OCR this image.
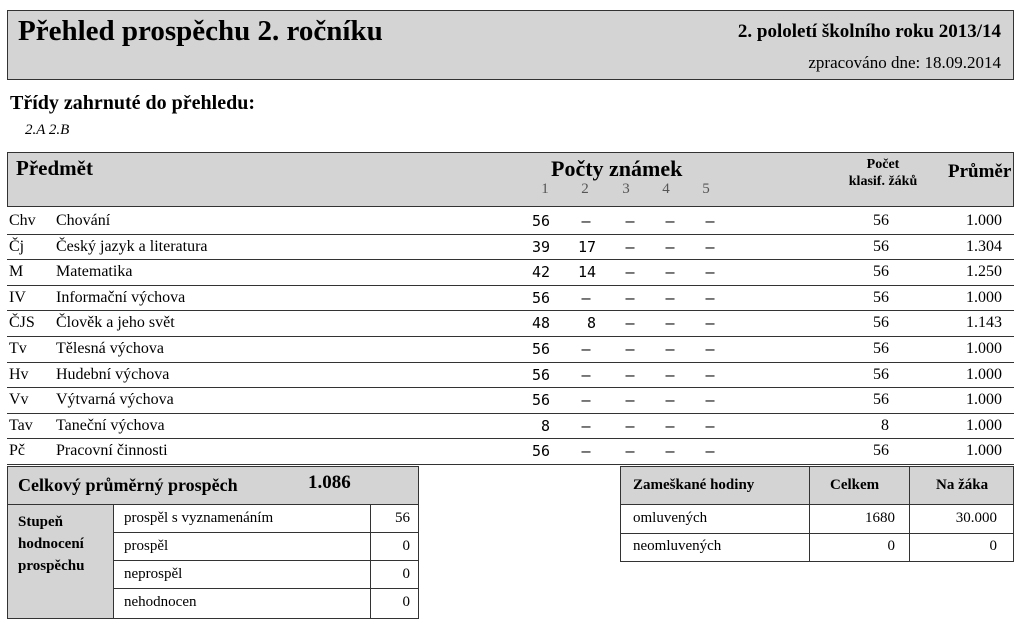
Přehled prospěchu 2. ročníku	2. pololetí školního roku 2013/14
zpracováno dne: 18.09.2014
Třídy zahrnuté do přehledu:
2.A 2.B
Předmět	Počty známek
1	2	3	4	5
Počet
klasif. žáků	Průměr
Chv Chování	56	–	–	–	–	56	1.000
Čj Český jazyk a literatura	39	17	–	–	–	56	1.304
M Matematika	42	14	–	–	–	56	1.250
IV Informační výchova	56	–	–	–	–	56	1.000
ČJS Člověk a jeho svět	48	8	–	–	–	56	1.143
Tv Tělesná výchova	56	–	–	–	–	56	1.000
Hv Hudební výchova	56	–	–	–	–	56	1.000
Vv Výtvarná výchova	56	–	–	–	–	56	1.000
Tav Taneční výchova	8	–	–	–	–	8	1.000
Pč Pracovní činnosti	56	–	–	–	–	56	1.000
Celkový průměrný prospěch	1.086
Stupeň
hodnocení
prospěchu
prospěl s vyznamenáním	56
prospěl	0
neprospěl	0
nehodnocen	0
Zameškané hodiny	Celkem	Na žáka
omluvených	1680	30.000
neomluvených	0	0
